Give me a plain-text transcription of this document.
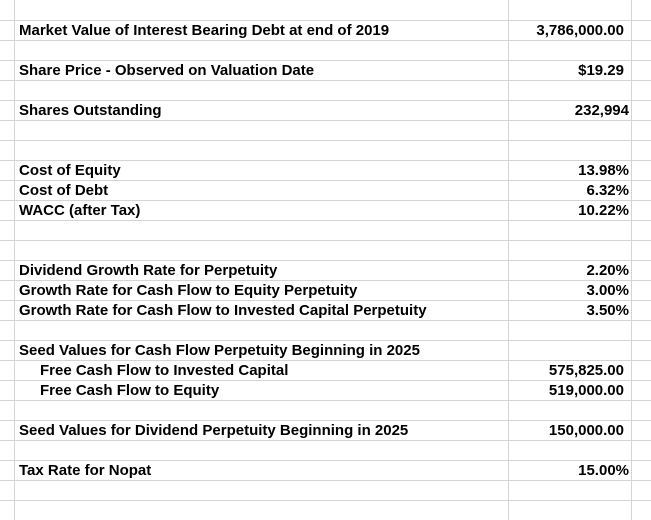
Market Value of Interest Bearing Debt at end of 2019
Share Price - Observed on Valuation Date
Shares Outstanding
Cost of Equity
Cost of Debt
WACC (after Tax)
Dividend Growth Rate for Perpetuity
Growth Rate for Cash Flow to Equity Perpetuity
Growth Rate for Cash Flow to Invested Capital Perpetuity
Seed Values for Cash Flow Perpetuity Beginning in 2025
Free Cash Flow to Invested Capital
Free Cash Flow to Equity
Seed Values for Dividend Perpetuity Beginning in 2025
Tax Rate for Nopat
3,786,000.00
$19.29
232,994
13.98%
6.32%
10.22%
2.20%
3.00%
3.50%
575,825.00
519,000.00
150,000.00
15.00%
